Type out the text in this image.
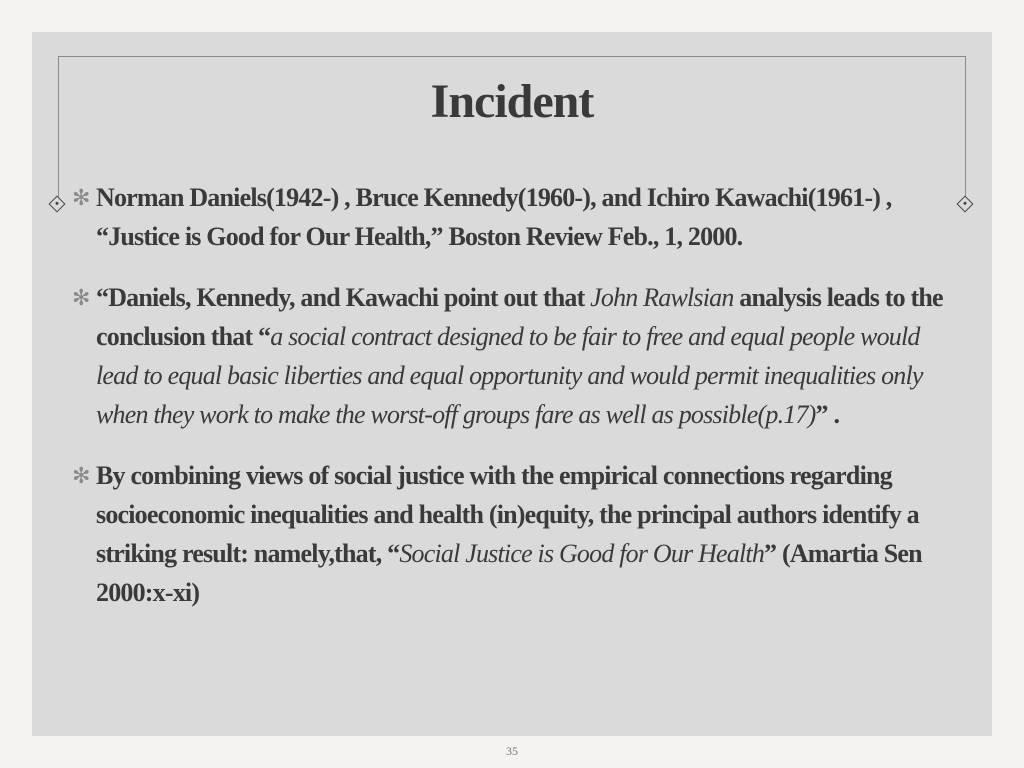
Incident
✻ Norman Daniels(1942-) , Bruce Kennedy(1960-), and Ichiro Kawachi(1961-) , “Justice is Good for Our Health,” Boston Review Feb., 1, 2000.
✻ “Daniels, Kennedy, and Kawachi point out that John Rawlsian analysis leads to the conclusion that “a social contract designed to be fair to free and equal people would lead to equal basic liberties and equal opportunity and would permit inequalities only when they work to make the worst-off groups fare as well as possible(p.17)” .
✻ By combining views of social justice with the empirical connections regarding socioeconomic inequalities and health (in)equity, the principal authors identify a striking result: namely,that, “Social Justice is Good for Our Health” (Amartia Sen 2000:x-xi)
35
